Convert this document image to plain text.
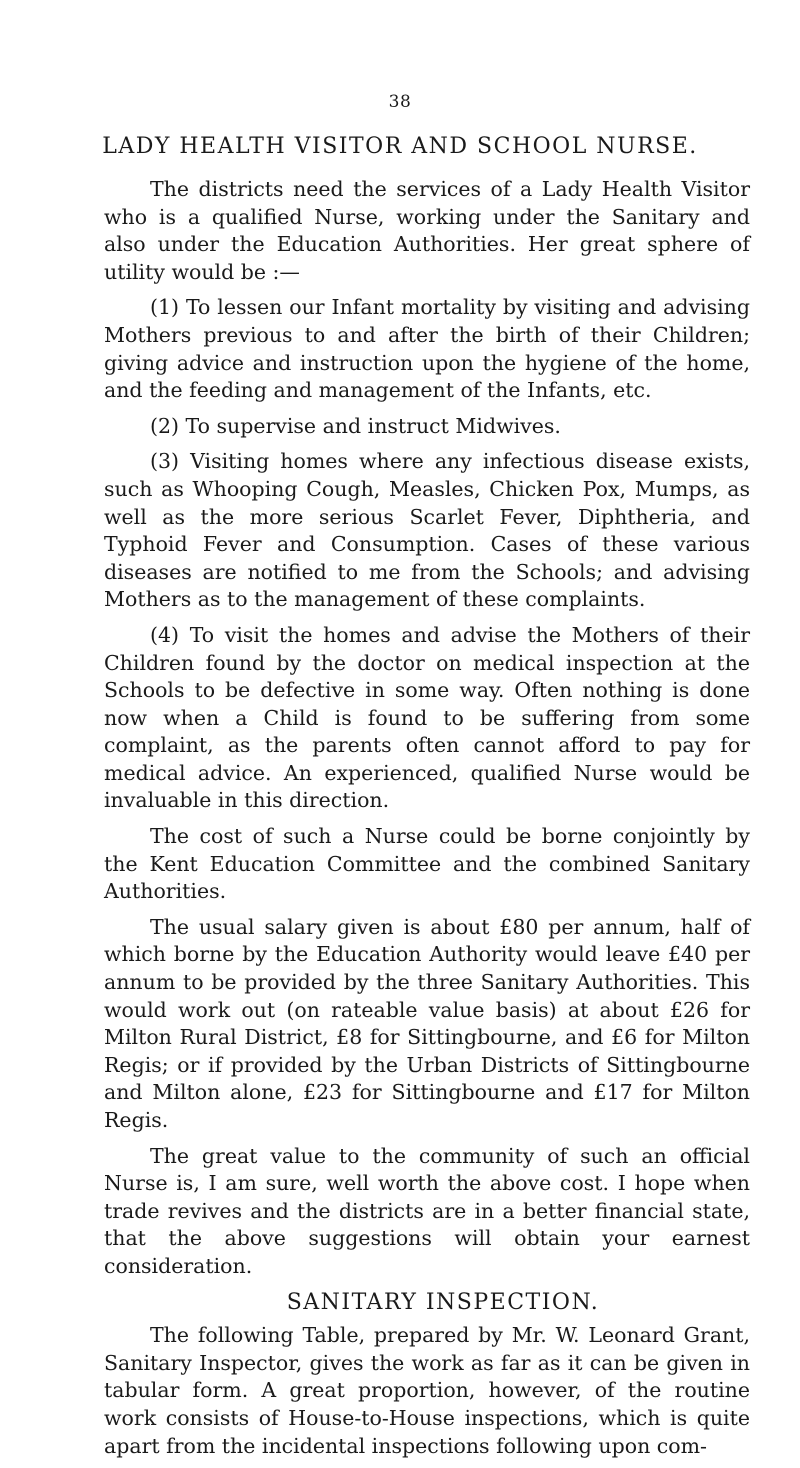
38
LADY HEALTH VISITOR AND SCHOOL NURSE.

The districts need the services of a Lady Health Visitor who is a qualified Nurse, working under the Sanitary and also under the Education Authorities. Her great sphere of utility would be :—

(1) To lessen our Infant mortality by visiting and advising Mothers previous to and after the birth of their Children; giving advice and instruction upon the hygiene of the home, and the feeding and management of the Infants, etc.

(2) To supervise and instruct Midwives.

(3) Visiting homes where any infectious disease exists, such as Whooping Cough, Measles, Chicken Pox, Mumps, as well as the more serious Scarlet Fever, Diphtheria, and Typhoid Fever and Consumption. Cases of these various diseases are notified to me from the Schools; and advising Mothers as to the management of these complaints.

(4) To visit the homes and advise the Mothers of their Children found by the doctor on medical inspection at the Schools to be defective in some way. Often nothing is done now when a Child is found to be suffering from some complaint, as the parents often cannot afford to pay for medical advice. An experienced, qualified Nurse would be invaluable in this direction.

The cost of such a Nurse could be borne conjointly by the Kent Education Committee and the combined Sanitary Authorities.

The usual salary given is about £80 per annum, half of which borne by the Education Authority would leave £40 per annum to be provided by the three Sanitary Authorities. This would work out (on rateable value basis) at about £26 for Milton Rural District, £8 for Sittingbourne, and £6 for Milton Regis; or if provided by the Urban Districts of Sittingbourne and Milton alone, £23 for Sittingbourne and £17 for Milton Regis.

The great value to the community of such an official Nurse is, I am sure, well worth the above cost. I hope when trade revives and the districts are in a better financial state, that the above suggestions will obtain your earnest consideration.

SANITARY INSPECTION.

The following Table, prepared by Mr. W. Leonard Grant, Sanitary Inspector, gives the work as far as it can be given in tabular form. A great proportion, however, of the routine work consists of House-to-House inspections, which is quite apart from the incidental inspections following upon com-
